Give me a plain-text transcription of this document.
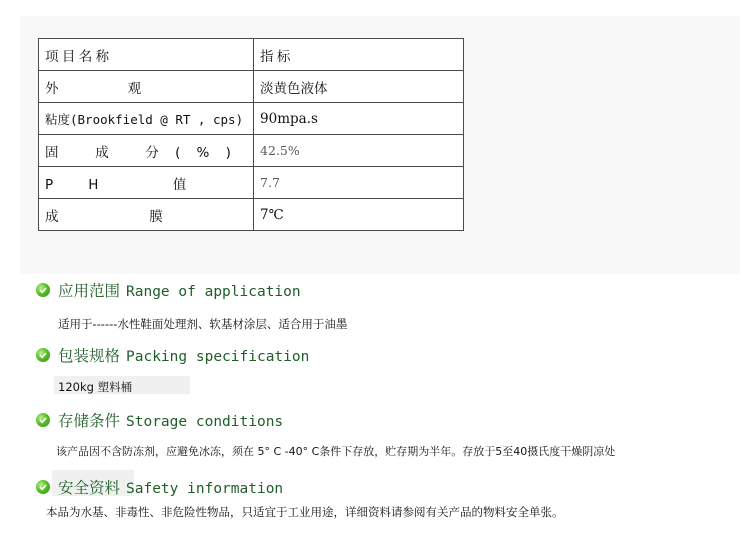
项目名称	指标
外 观	淡黄色液体
粘度(Brookfield @ RT , cps)	90mpa.s
固 成 分(%)	42.5%
PH 值	7.7
成 膜	7℃
应用范围 Range of application
适用于------水性鞋面处理剂、软基材涂层、适合用于油墨
包装规格 Packing specification
120kg 塑料桶
存储条件 Storage conditions
该产品因不含防冻剂，应避免冰冻，须在 5° C -40° C条件下存放，贮存期为半年。存放于5至40摄氏度干燥阴凉处
安全资料 Safety information
本品为水基、非毒性、非危险性物品，只适宜于工业用途，详细资料请参阅有关产品的物料安全单张。
